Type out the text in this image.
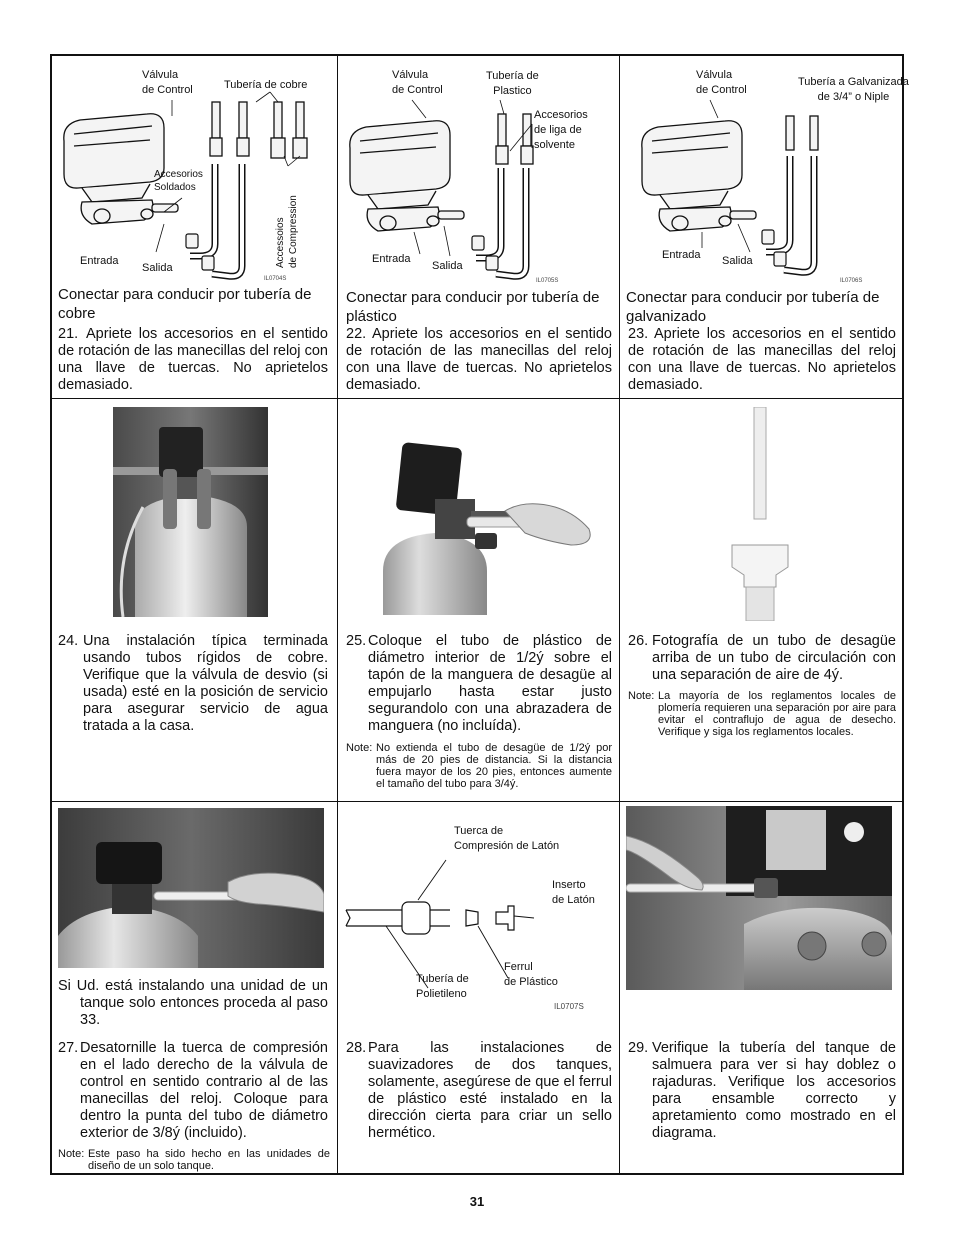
Válvula
de Control	Tubería de cobre
Accesorios
Soldados
Accessoios
de Compression
Entrada
Salida
IL0704S
Conectar para conducir por tubería de cobre
21. Apriete los accesorios en el sentido de rotación de las manecillas del reloj con una llave de tuercas. No aprietelos demasiado.
Válvula
de Control
Tubería de
Plastico
Accesorios
de liga de
solvente
Entrada
Salida
IL0705S
Conectar para conducir por tubería de plástico
22. Apriete los accesorios en el sentido de rotación de las manecillas del reloj con una llave de tuercas. No aprietelos demasiado.
Válvula
de Control
Tubería a Galvanizada
de 3/4” o Niple
Entrada Salida
IL0706S
Conectar para conducir por tubería de galvanizado
23. Apriete los accesorios en el sentido de rotación de las manecillas del reloj con una llave de tuercas. No aprietelos demasiado.
24. Una instalación típica terminada usando tubos rígidos de cobre. Verifique que la válvula de desvio (si usada) esté en la posición de servicio para asegurar servicio de agua tratada a la casa.
25. Coloque el tubo de plástico de diámetro interior de 1/2ý sobre el tapón de la manguera de desagüe al empujarlo hasta estar justo segurandolo con una abrazadera de manguera (no incluída).
Note: No extienda el tubo de desagüe de 1/2ý por más de 20 pies de distancia. Si la distancia fuera mayor de los 20 pies, entonces aumente el tamaño del tubo para 3/4ý.
26. Fotografía de un tubo de desagüe arriba de un tubo de circulación con una separación de aire de 4ý.
Note: La mayoría de los reglamentos locales de plomería requieren una separación por aire para evitar el contraflujo de agua de desecho. Verifique y siga los reglamentos locales.
Si Ud. está instalando una unidad de un tanque solo entonces proceda al paso 33.
27. Desatornille la tuerca de compresión en el lado derecho de la válvula de control en sentido contrario al de las manecillas del reloj. Coloque para dentro la punta del tubo de diámetro exterior de 3/8ý (incluido).
Note: Este paso ha sido hecho en las unidades de diseño de un solo tanque.
Tuerca de
Compresión de Latón
Inserto
de Latón
Ferrul
de Plástico
Tubería de
Polietileno
IL0707S
28. Para las instalaciones de suavizadores de dos tanques, solamente, asegúrese de que el ferrul de plástico esté instalado en la dirección cierta para criar un sello hermético.
29. Verifique la tubería del tanque de salmuera para ver si hay doblez o rajaduras. Verifique los accesorios para ensamble correcto y apretamiento como mostrado en el diagrama.
31
